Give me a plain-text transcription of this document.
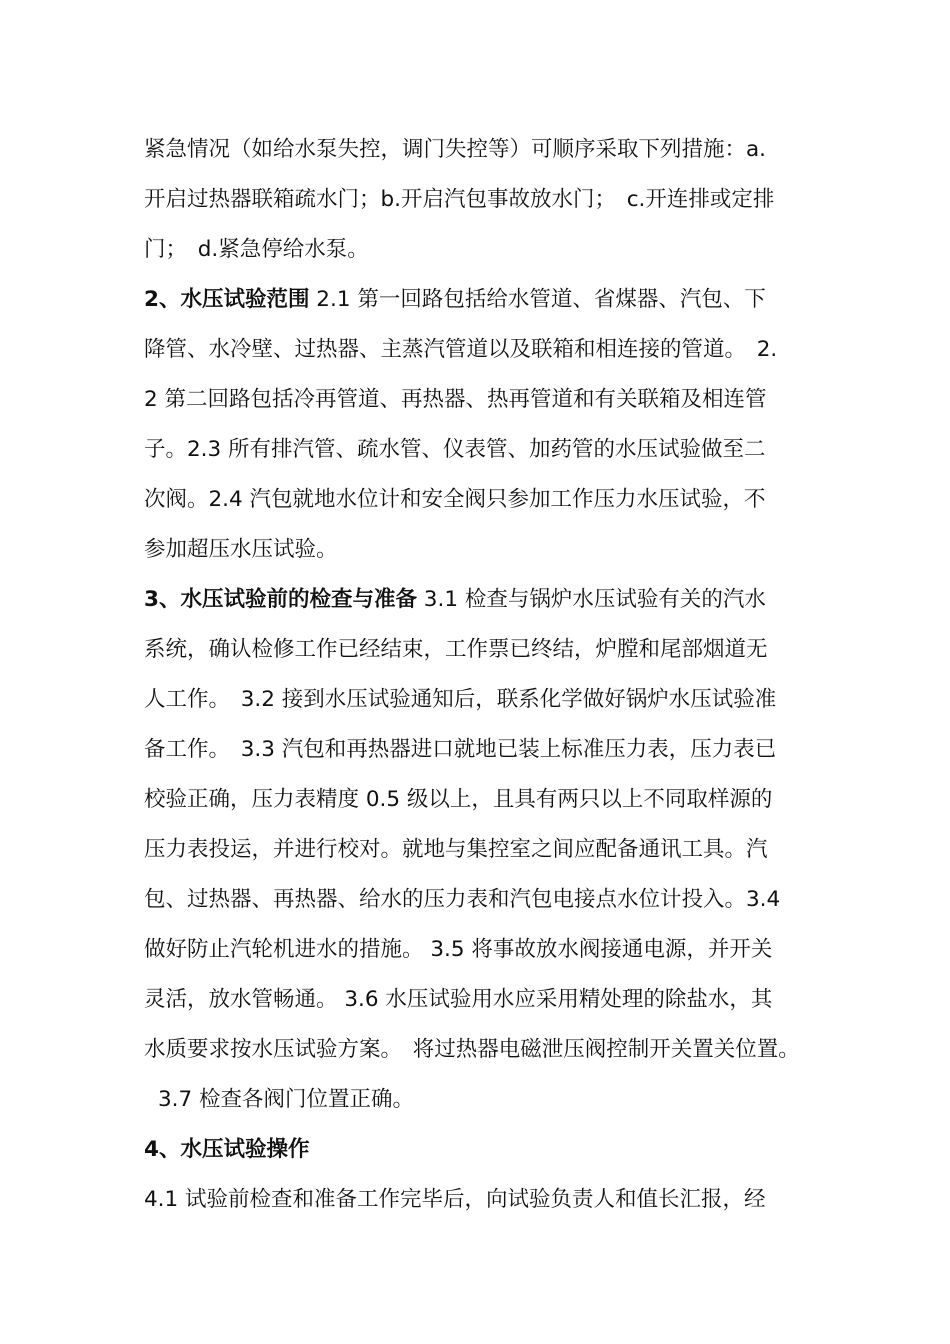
紧急情况（如给水泵失控，调门失控等）可顺序采取下列措施：a.
开启过热器联箱疏水门；b.开启汽包事故放水门；　c.开连排或定排
门；　d.紧急停给水泵。
2、水压试验范围 2.1 第一回路包括给水管道、省煤器、汽包、下
降管、水冷壁、过热器、主蒸汽管道以及联箱和相连接的管道。　2.
2 第二回路包括冷再管道、再热器、热再管道和有关联箱及相连管
子。2.3 所有排汽管、疏水管、仪表管、加药管的水压试验做至二
次阀。2.4 汽包就地水位计和安全阀只参加工作压力水压试验，不
参加超压水压试验。
3、水压试验前的检查与准备 3.1 检查与锅炉水压试验有关的汽水
系统，确认检修工作已经结束，工作票已终结，炉膛和尾部烟道无
人工作。　3.2 接到水压试验通知后，联系化学做好锅炉水压试验准
备工作。　3.3 汽包和再热器进口就地已装上标准压力表，压力表已
校验正确，压力表精度 0.5 级以上，且具有两只以上不同取样源的
压力表投运，并进行校对。就地与集控室之间应配备通讯工具。汽
包、过热器、再热器、给水的压力表和汽包电接点水位计投入。3.4
做好防止汽轮机进水的措施。 3.5 将事故放水阀接通电源，并开关
灵活，放水管畅通。 3.6 水压试验用水应采用精处理的除盐水，其
水质要求按水压试验方案。　将过热器电磁泄压阀控制开关置关位置。
3.7 检查各阀门位置正确。
4、水压试验操作
4.1 试验前检查和准备工作完毕后，向试验负责人和值长汇报，经
